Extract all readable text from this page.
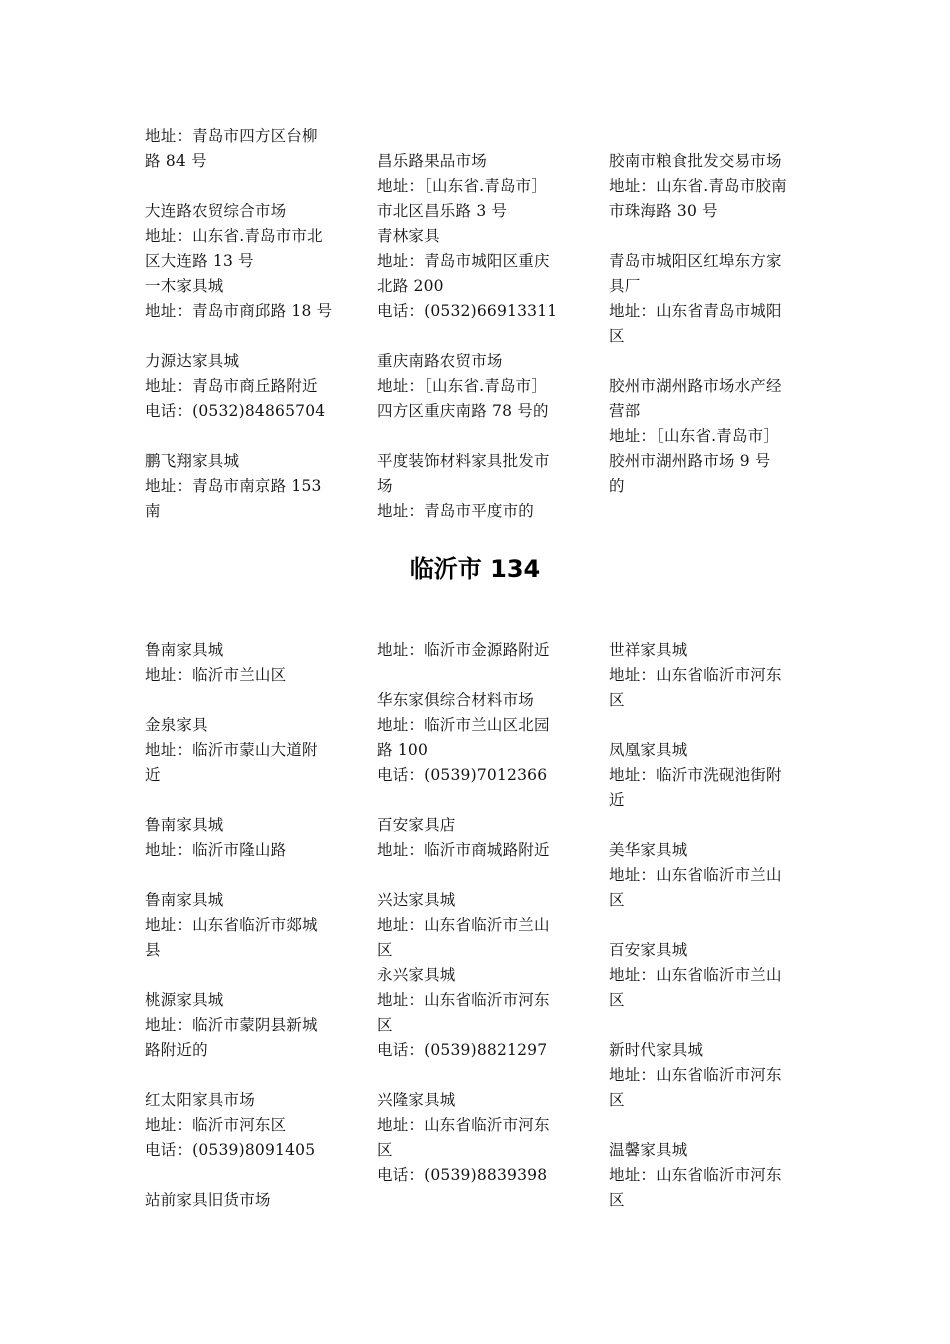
地址：青岛市四方区台柳
路 84 号
大连路农贸综合市场
地址：山东省.青岛市市北
区大连路 13 号
一木家具城
地址：青岛市商邱路 18 号
力源达家具城
地址：青岛市商丘路附近
电话：(0532)84865704
鹏飞翔家具城
地址：青岛市南京路 153
南
昌乐路果品市场
地址：［山东省.青岛市］
市北区昌乐路 3 号
青林家具
地址：青岛市城阳区重庆
北路 200
电话：(0532)66913311
重庆南路农贸市场
地址：［山东省.青岛市］
四方区重庆南路 78 号的
平度装饰材料家具批发市
场
地址：青岛市平度市的
胶南市粮食批发交易市场
地址：山东省.青岛市胶南
市珠海路 30 号
青岛市城阳区红埠东方家
具厂
地址：山东省青岛市城阳
区
胶州市湖州路市场水产经
营部
地址：［山东省.青岛市］
胶州市湖州路市场 9 号
的
临沂市 134
鲁南家具城
地址：临沂市兰山区
金泉家具
地址：临沂市蒙山大道附
近
鲁南家具城
地址：临沂市隆山路
鲁南家具城
地址：山东省临沂市郯城
县
桃源家具城
地址：临沂市蒙阴县新城
路附近的
红太阳家具市场
地址：临沂市河东区
电话：(0539)8091405
站前家具旧货市场
地址：临沂市金源路附近
华东家俱综合材料市场
地址：临沂市兰山区北园
路 100
电话：(0539)7012366
百安家具店
地址：临沂市商城路附近
兴达家具城
地址：山东省临沂市兰山
区
永兴家具城
地址：山东省临沂市河东
区
电话：(0539)8821297
兴隆家具城
地址：山东省临沂市河东
区
电话：(0539)8839398
世祥家具城
地址：山东省临沂市河东
区
凤凰家具城
地址：临沂市洗砚池街附
近
美华家具城
地址：山东省临沂市兰山
区
百安家具城
地址：山东省临沂市兰山
区
新时代家具城
地址：山东省临沂市河东
区
温馨家具城
地址：山东省临沂市河东
区
